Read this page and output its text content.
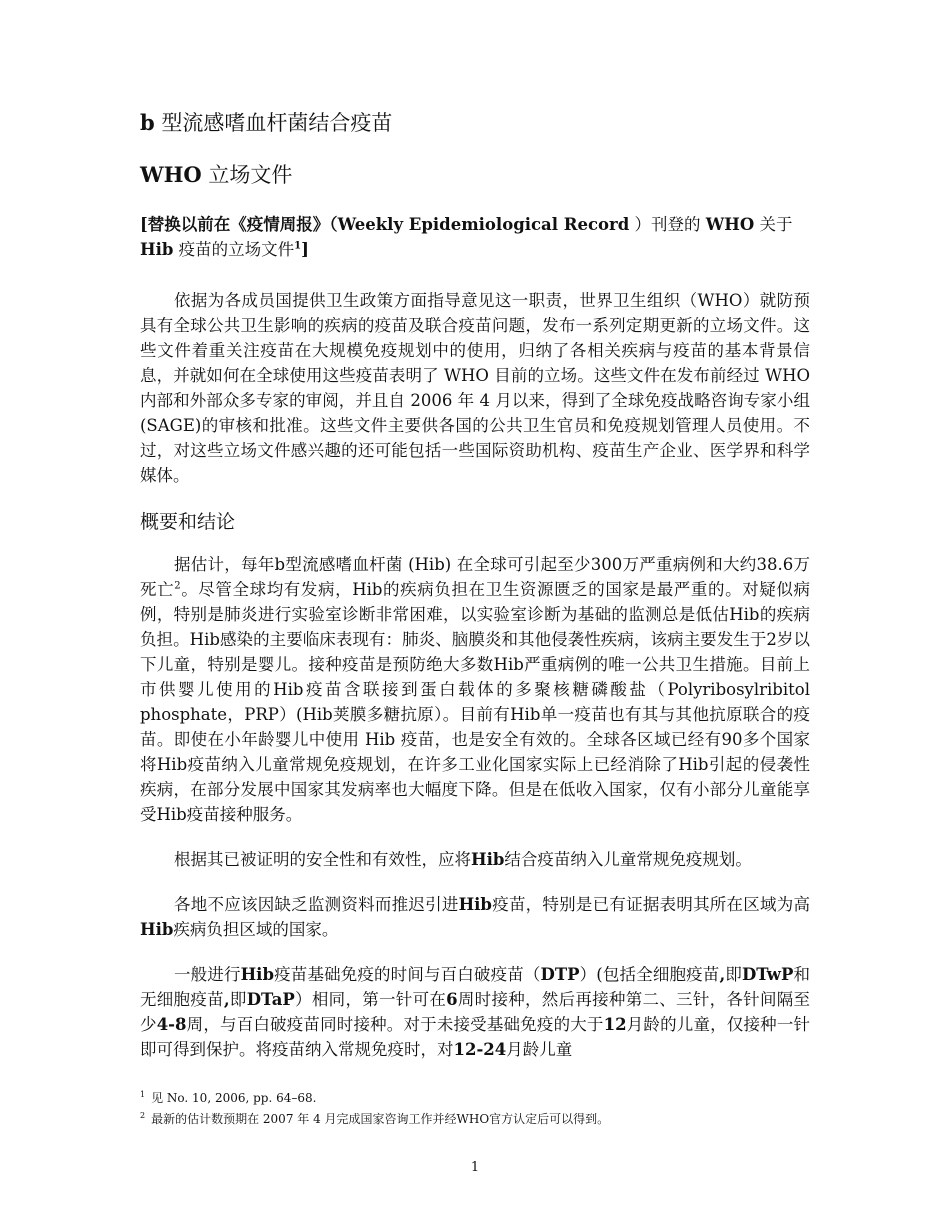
b 型流感嗜血杆菌结合疫苗
WHO 立场文件
[替换以前在《疫情周报》（Weekly Epidemiological Record ）刊登的 WHO 关于
Hib 疫苗的立场文件$^1$]

依据为各成员国提供卫生政策方面指导意见这一职责，世界卫生组织（WHO）就防预具有全球公共卫生影响的疾病的疫苗及联合疫苗问题，发布一系列定期更新的立场文件。这些文件着重关注疫苗在大规模免疫规划中的使用，归纳了各相关疾病与疫苗的基本背景信息，并就如何在全球使用这些疫苗表明了 WHO 目前的立场。这些文件在发布前经过 WHO 内部和外部众多专家的审阅，并且自 2006 年 4 月以来，得到了全球免疫战略咨询专家小组(SAGE)的审核和批准。这些文件主要供各国的公共卫生官员和免疫规划管理人员使用。不过，对这些立场文件感兴趣的还可能包括一些国际资助机构、疫苗生产企业、医学界和科学媒体。

概要和结论

据估计，每年b型流感嗜血杆菌 (Hib) 在全球可引起至少300万严重病例和大约38.6万死亡$^2$。尽管全球均有发病，Hib的疾病负担在卫生资源匮乏的国家是最严重的。对疑似病例，特别是肺炎进行实验室诊断非常困难，以实验室诊断为基础的监测总是低估Hib的疾病负担。Hib感染的主要临床表现有：肺炎、脑膜炎和其他侵袭性疾病，该病主要发生于2岁以下儿童，特别是婴儿。接种疫苗是预防绝大多数Hib严重病例的唯一公共卫生措施。目前上市供婴儿使用的Hib疫苗含联接到蛋白载体的多聚核糖磷酸盐（Polyribosylribitol phosphate，PRP）(Hib荚膜多糖抗原）。目前有Hib单一疫苗也有其与其他抗原联合的疫苗。即使在小年龄婴儿中使用 Hib 疫苗，也是安全有效的。全球各区域已经有90多个国家将Hib疫苗纳入儿童常规免疫规划，在许多工业化国家实际上已经消除了Hib引起的侵袭性疾病，在部分发展中国家其发病率也大幅度下降。但是在低收入国家，仅有小部分儿童能享受Hib疫苗接种服务。

根据其已被证明的安全性和有效性，应将Hib结合疫苗纳入儿童常规免疫规划。

各地不应该因缺乏监测资料而推迟引进Hib疫苗，特别是已有证据表明其所在区域为高Hib疾病负担区域的国家。

一般进行Hib疫苗基础免疫的时间与百白破疫苗（DTP）(包括全细胞疫苗,即DTwP和无细胞疫苗,即DTaP）相同，第一针可在6周时接种，然后再接种第二、三针，各针间隔至少4-8周，与百白破疫苗同时接种。对于未接受基础免疫的大于12月龄的儿童，仅接种一针即可得到保护。将疫苗纳入常规免疫时，对12-24月龄儿童

$^1$ 见 No. 10, 2006, pp. 64–68.
$^2$ 最新的估计数预期在 2007 年 4 月完成国家咨询工作并经WHO官方认定后可以得到。
1
